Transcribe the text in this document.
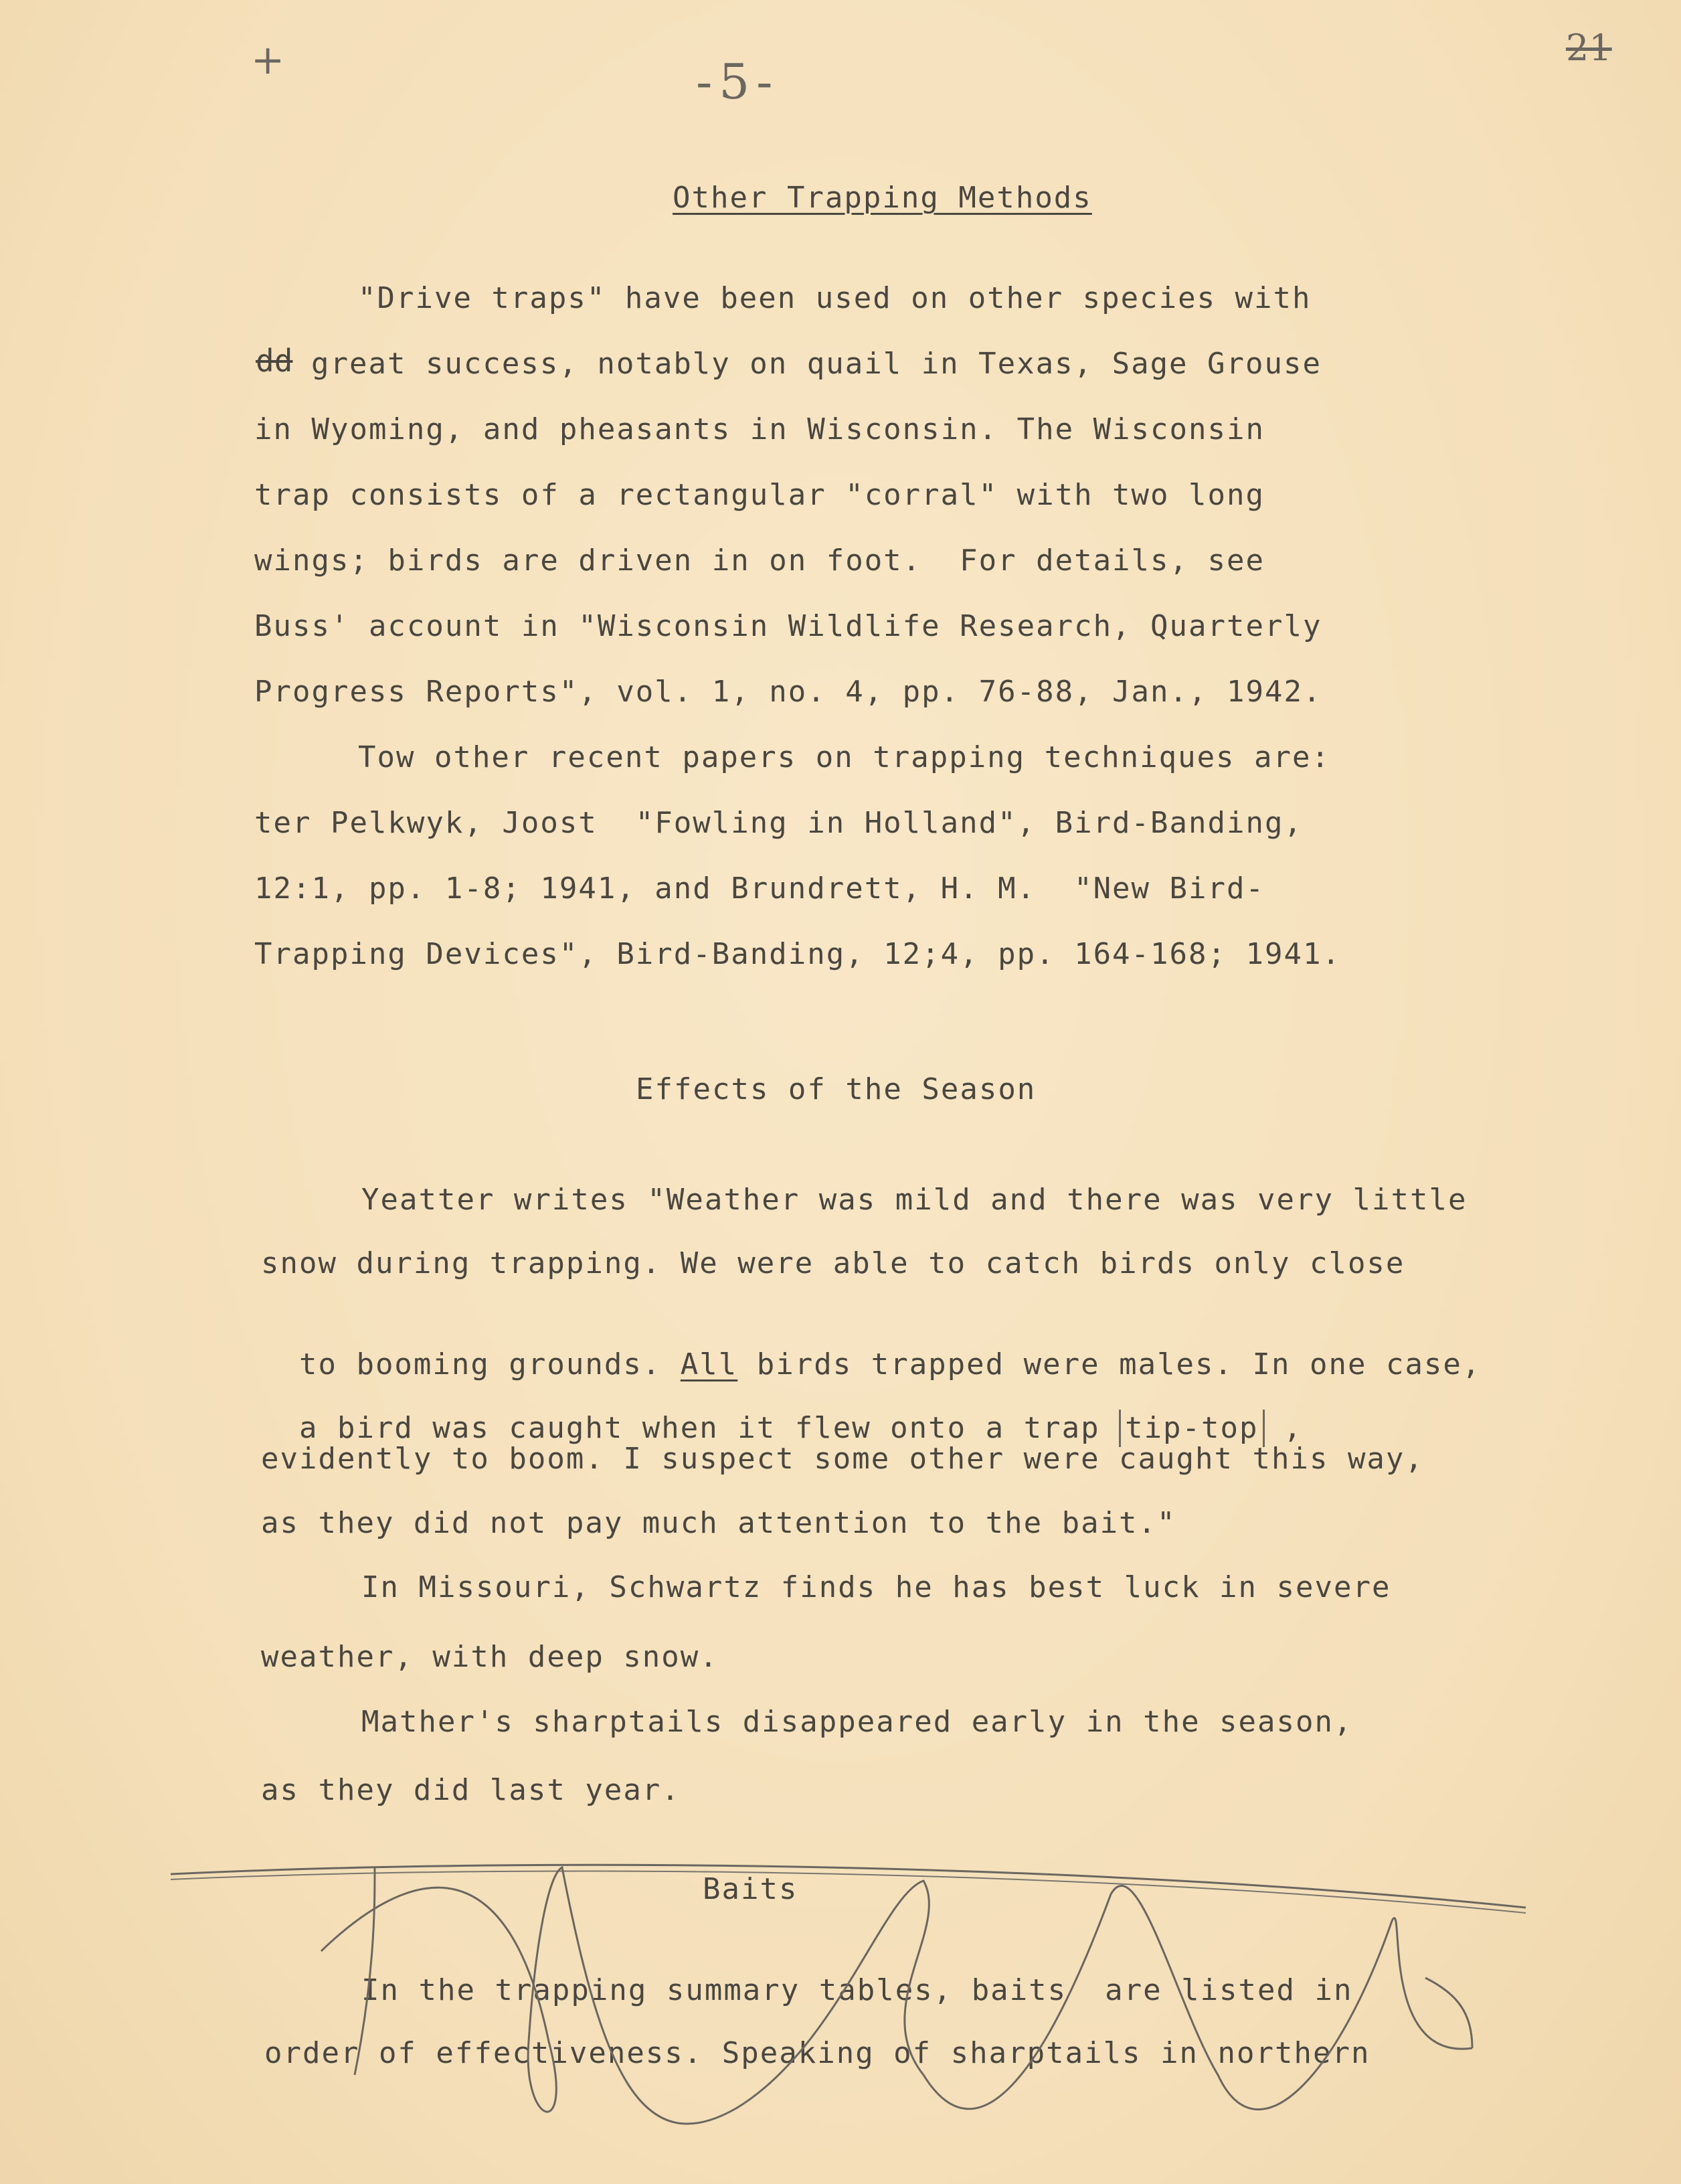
+	-5-
21
Other Trapping Methods
"Drive traps" have been used on other species with
great success, notably on quail in Texas, Sage Grouse
dd
in Wyoming, and pheasants in Wisconsin. The Wisconsin
trap consists of a rectangular "corral" with two long
wings; birds are driven in on foot.  For details, see
Buss' account in "Wisconsin Wildlife Research, Quarterly
Progress Reports", vol. 1, no. 4, pp. 76-88, Jan., 1942.
Tow other recent papers on trapping techniques are:
ter Pelkwyk, Joost  "Fowling in Holland", Bird-Banding,
12:1, pp. 1-8; 1941, and Brundrett, H. M.  "New Bird-
Trapping Devices", Bird-Banding, 12;4, pp. 164-168; 1941.
Effects of the Season
Yeatter writes "Weather was mild and there was very little
snow during trapping. We were able to catch birds only close

to booming grounds. All birds trapped were males. In one case,

a bird was caught when it flew onto a trap tip-top ,

evidently to boom. I suspect some other were caught this way,
as they did not pay much attention to the bait."
In Missouri, Schwartz finds he has best luck in severe
weather, with deep snow.
Mather's sharptails disappeared early in the season,
as they did last year.
Baits
In the trapping summary tables, baits  are listed in
order of effectiveness. Speaking of sharptails in northern
